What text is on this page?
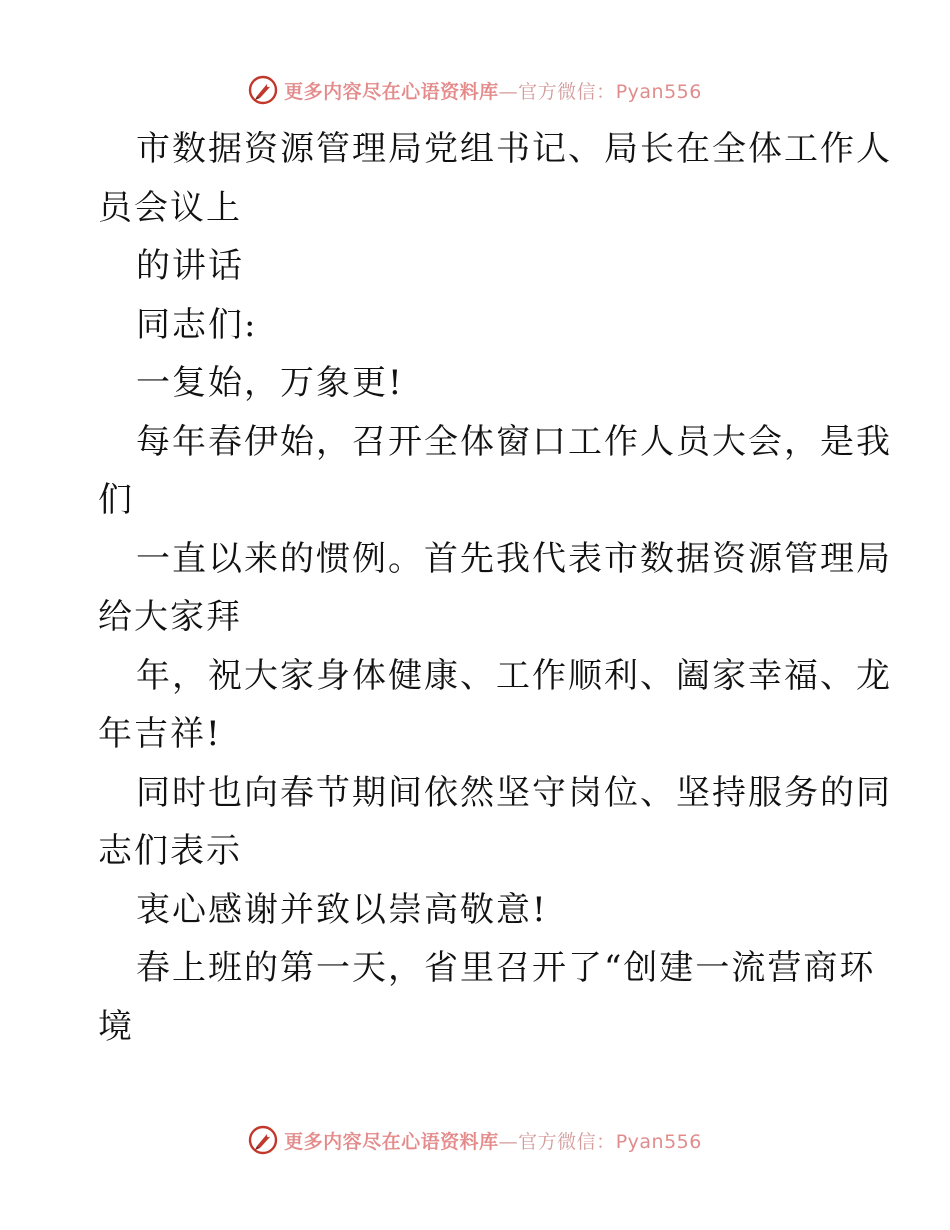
更多内容尽在心语资料库—官方微信：Pyan556
市数据资源管理局党组书记、局长在全体工作人
员会议上
的讲话
同志们:
一复始，万象更!
每年春伊始，召开全体窗口工作人员大会，是我
们
一直以来的惯例。首先我代表市数据资源管理局
给大家拜
年，祝大家身体健康、工作顺利、阖家幸福、龙
年吉祥!
同时也向春节期间依然坚守岗位、坚持服务的同
志们表示
衷心感谢并致以崇高敬意!
春上班的第一天，省里召开了“创建一流营商环
境
更多内容尽在心语资料库—官方微信：Pyan556
